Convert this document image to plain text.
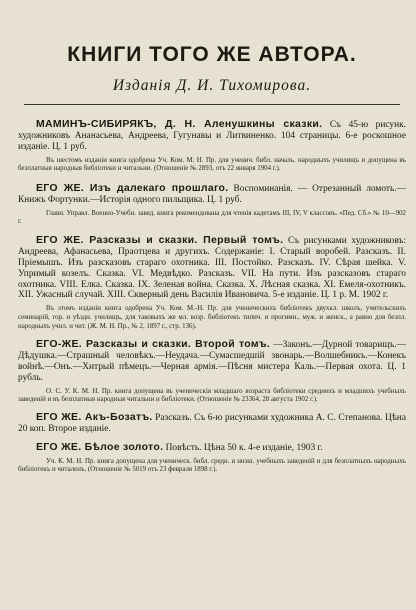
КНИГИ ТОГО ЖЕ АВТОРА.
Изданія Д. И. Тихомирова.

МАМИНЪ-СИБИРЯКЪ, Д. Н. Аленушкины сказки. Съ 45-ю рисунк. художниковъ Ананасьева, Андреева, Гугунавы и Литвиненко. 104 страницы. 6-е роскошное изданіе. Ц. 1 руб.

Въ шестомъ изданіи книга одобрена Уч. Ком. М. Н. Пр. для ученич. библ. началь. народныхъ училищъ и допущена въ безплатныя народныя библіотеки и читальни. (Отношеніе № 2893, отъ 22 января 1904 г.).

ЕГО ЖЕ. Изъ далекаго прошлаго. Воспоминанія. — Отрезанный ломоть.—Книжъ Фортунки.—Исторія одного пильщика. Ц. 1 руб.

Главн. Управл. Военно-Учебн. завед. книга рекомендована для чтенія кадетамъ III, IV, V классовъ. «Пед. Сб.» № 10—902 г.

ЕГО ЖЕ. Разсказы и сказки. Первый томъ. Съ рисунками художниковъ: Андреева, Афанасьева, Праотцева и другихъ. Содержаніе: I. Старый воробей. Разсказъ. II. Пріемышъ. Изъ разсказовъ стараго охотника. III. Постойко. Разсказъ. IV. Сѣрая шейка. V. Упримый козелъ. Сказка. VI. Медвѣдко. Разсказъ. VII. На пути. Изъ разсказовъ стараго охотника. VIII. Елка. Сказка. IX. Зеленая война. Сказка. X. Лѣсная сказка. XI. Емеля-охотникъ. XII. Ужасный случай. XIII. Скверный день Василія Ивановича. 5-е изданіе. Ц. 1 р. М. 1902 г.

Въ этомъ изданіи книга одобрена Уч. Ком. М.-Н. Пр. для ученическихъ библіотекъ двухкл. школъ, учительскихъ семинарій, гор. и уѣздн. училищъ, для таковыхъ же мл. возр. библіотекъ типич. и прогимн., муж. и женск., а равно для безпл. народныхъ учил. и чит. (Ж. М. Н. Пр., № 2, 1897 г., стр. 136).

ЕГО-ЖЕ. Разсказы и сказки. Второй томъ. —Законъ.—Дурной товарищъ.—Дѣдушка.—Страшный человѣкъ.—Неудача.—Сумасшедшій звонарь.—Волшебникъ.—Конекъ войнѣ.—Онъ.—Хитрый пѣмецъ.—Черная армія.—Пѣсня мистера Каль.—Первая охота. Ц. 1 рубль.

О. С. У. К. М. Н. Пр. книга допущена въ ученическія младшаго возраста библіотеки среднихъ и младшихъ учебныхъ заведеній и въ безплатныя народныя читальни и библіотеки. (Отношеніе № 23364, 28 августа 1902 г.).

ЕГО ЖЕ. Акъ-Бозатъ. Разсказъ. Съ 6-ю рисунками художника А. С. Степанова. Цѣна 20 коп. Второе изданіе.

ЕГО ЖЕ. Бѣлое золото. Повѣсть. Цѣна 50 к. 4-е изданіе, 1903 г.

Уч. К. М. Н. Пр. книга допущена для ученическ. библ. средн. и низш. учебныхъ заведеній и для безплатныхъ народныхъ библіотекъ и читаленъ. (Отношеніе № 5019 отъ 23 февраля 1898 г.).
